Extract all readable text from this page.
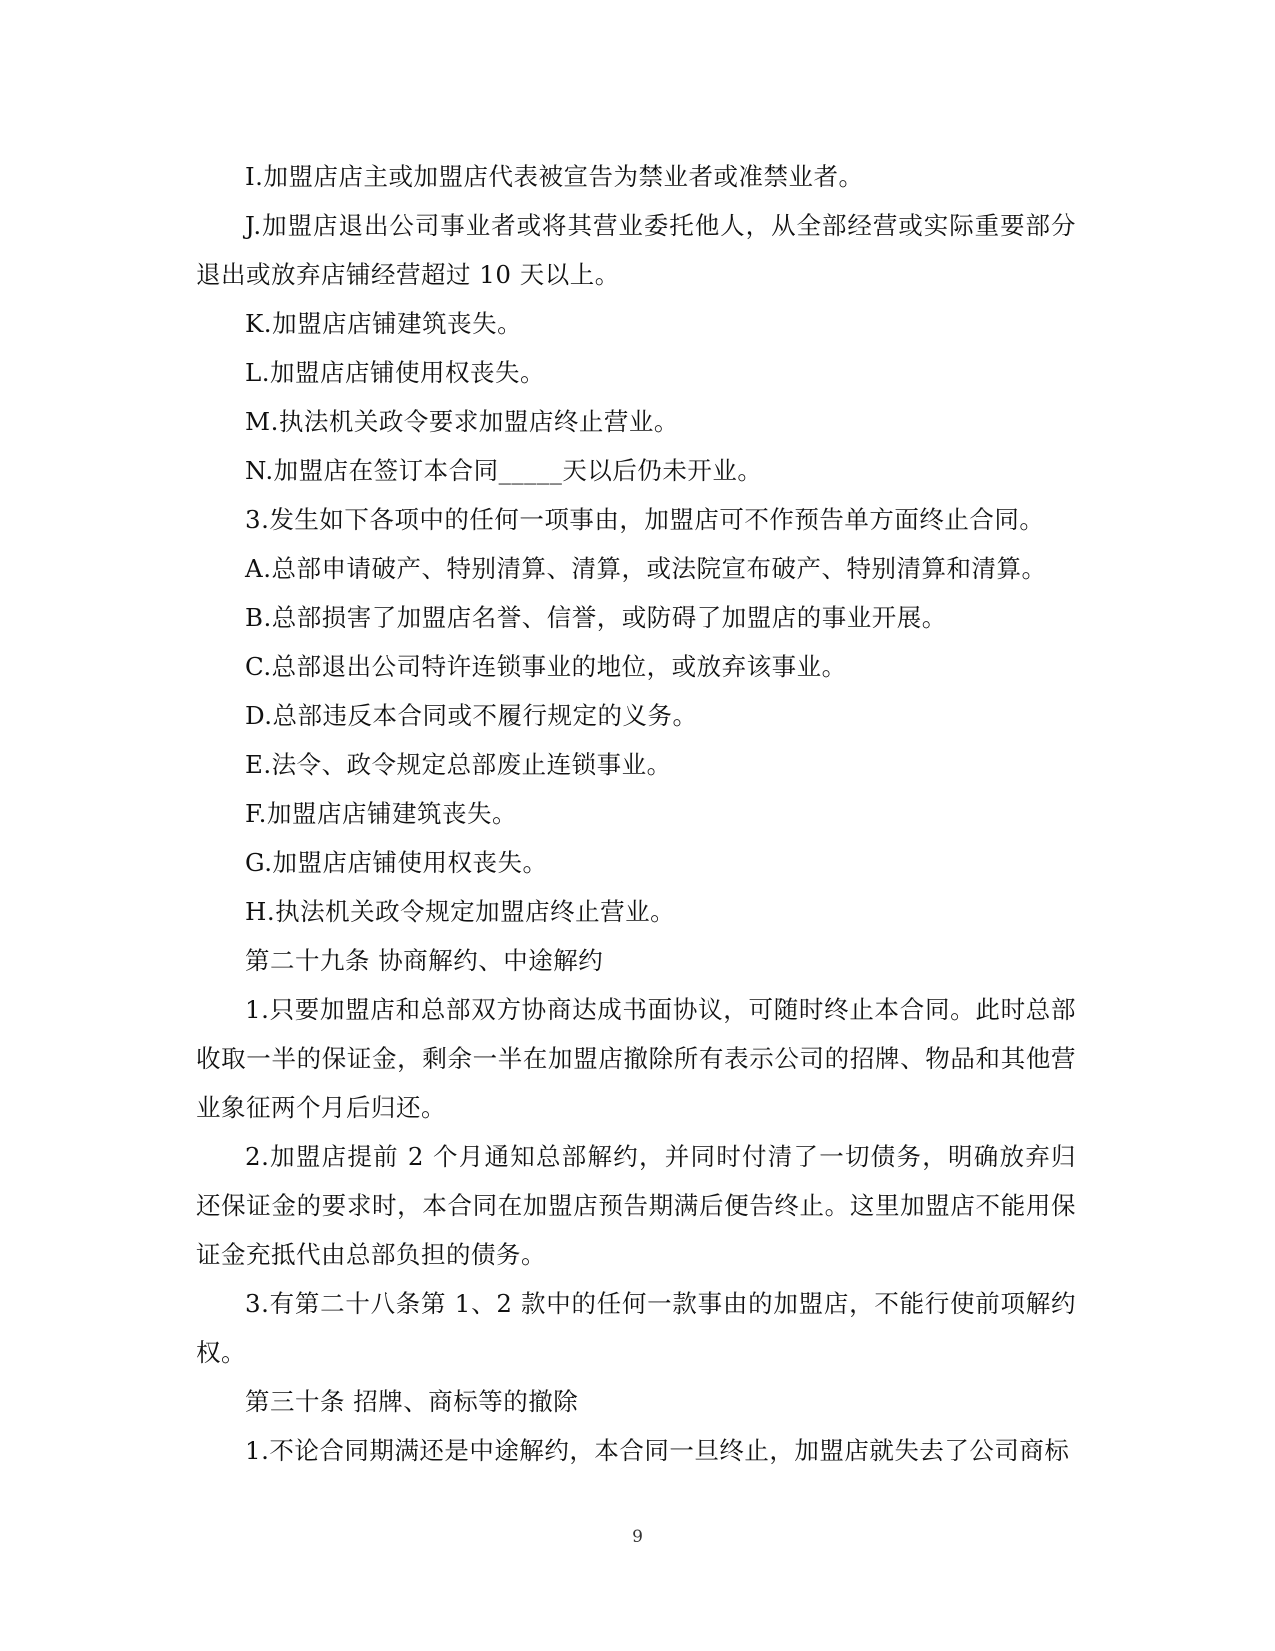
I.加盟店店主或加盟店代表被宣告为禁业者或准禁业者。

J.加盟店退出公司事业者或将其营业委托他人，从全部经营或实际重要部分退出或放弃店铺经营超过 10 天以上。

K.加盟店店铺建筑丧失。

L.加盟店店铺使用权丧失。

M.执法机关政令要求加盟店终止营业。

N.加盟店在签订本合同_____天以后仍未开业。

3.发生如下各项中的任何一项事由，加盟店可不作预告单方面终止合同。

A.总部申请破产、特别清算、清算，或法院宣布破产、特别清算和清算。

B.总部损害了加盟店名誉、信誉，或防碍了加盟店的事业开展。

C.总部退出公司特许连锁事业的地位，或放弃该事业。

D.总部违反本合同或不履行规定的义务。

E.法令、政令规定总部废止连锁事业。

F.加盟店店铺建筑丧失。

G.加盟店店铺使用权丧失。

H.执法机关政令规定加盟店终止营业。

第二十九条 协商解约、中途解约

1.只要加盟店和总部双方协商达成书面协议，可随时终止本合同。此时总部收取一半的保证金，剩余一半在加盟店撤除所有表示公司的招牌、物品和其他营业象征两个月后归还。

2.加盟店提前 2 个月通知总部解约，并同时付清了一切债务，明确放弃归还保证金的要求时，本合同在加盟店预告期满后便告终止。这里加盟店不能用保证金充抵代由总部负担的债务。

3.有第二十八条第 1、2 款中的任何一款事由的加盟店，不能行使前项解约权。

第三十条 招牌、商标等的撤除

1.不论合同期满还是中途解约，本合同一旦终止，加盟店就失去了公司商标

9
